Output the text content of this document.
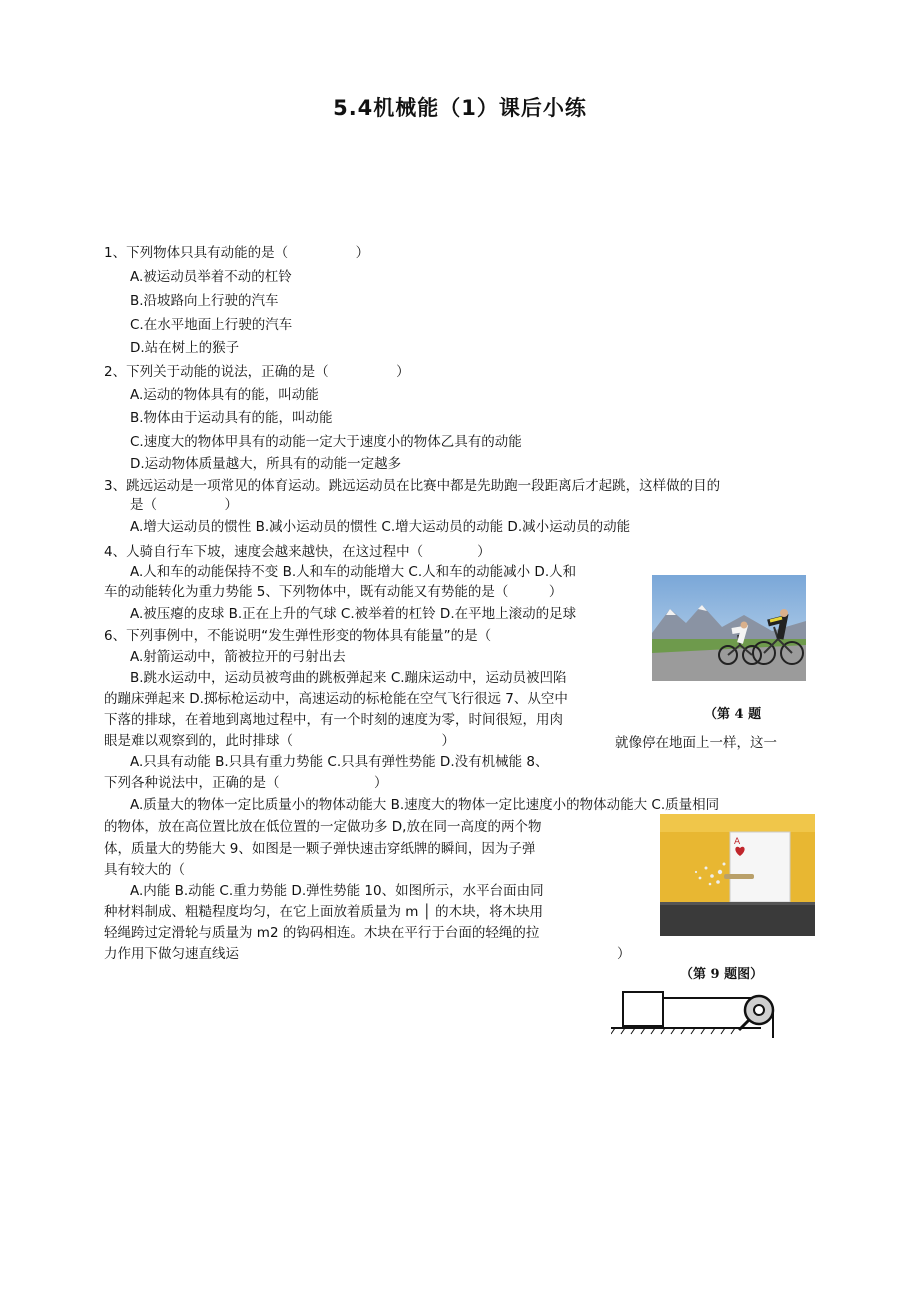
5.4机械能（1）课后小练
1、下列物体只具有动能的是（　　　　　）
A.被运动员举着不动的杠铃
B.沿坡路向上行驶的汽车
C.在水平地面上行驶的汽车
D.站在树上的猴子
2、下列关于动能的说法，正确的是（　　　　　）
A.运动的物体具有的能，叫动能
B.物体由于运动具有的能，叫动能
C.速度大的物体甲具有的动能一定大于速度小的物体乙具有的动能
D.运动物体质量越大，所具有的动能一定越多
3、跳远运动是一项常见的体育运动。跳远运动员在比赛中都是先助跑一段距离后才起跳，这样做的目的
是（　　　　　）
A.增大运动员的惯性 B.减小运动员的惯性 C.增大运动员的动能 D.减小运动员的动能
4、人骑自行车下坡，速度会越来越快，在这过程中（　　　　）
A.人和车的动能保持不变 B.人和车的动能增大 C.人和车的动能减小 D.人和
车的动能转化为重力势能 5、下列物体中，既有动能又有势能的是（　　　）
A.被压瘪的皮球 B.正在上升的气球 C.被举着的杠铃 D.在平地上滚动的足球
6、下列事例中，不能说明“发生弹性形变的物体具有能量”的是（
A.射箭运动中，箭被拉开的弓射出去
B.跳水运动中，运动员被弯曲的跳板弹起来 C.蹦床运动中，运动员被凹陷
的蹦床弹起来 D.掷标枪运动中，高速运动的标枪能在空气飞行很远 7、从空中
下落的排球，在着地到离地过程中，有一个时刻的速度为零，时间很短，用肉
眼是难以观察到的，此时排球（　　　　　　　　　　　）	就像停在地面上一样，这一
A.只具有动能 B.只具有重力势能 C.只具有弹性势能 D.没有机械能 8、
下列各种说法中，正确的是（　　　　　　　）
A.质量大的物体一定比质量小的物体动能大 B.速度大的物体一定比速度小的物体动能大 C.质量相同
的物体，放在高位置比放在低位置的一定做功多 D,放在同一高度的两个物
体，质量大的势能大 9、如图是一颗子弹快速击穿纸牌的瞬间，因为子弹
具有较大的（
A.内能 B.动能 C.重力势能 D.弹性势能 10、如图所示，水平台面由同
种材料制成、粗糙程度均匀，在它上面放着质量为 m │ 的木块，将木块用
轻绳跨过定滑轮与质量为 m2 的钩码相连。木块在平行于台面的轻绳的拉
力作用下做匀速直线运	）
（第 4 题
A
（第 9 题图）
